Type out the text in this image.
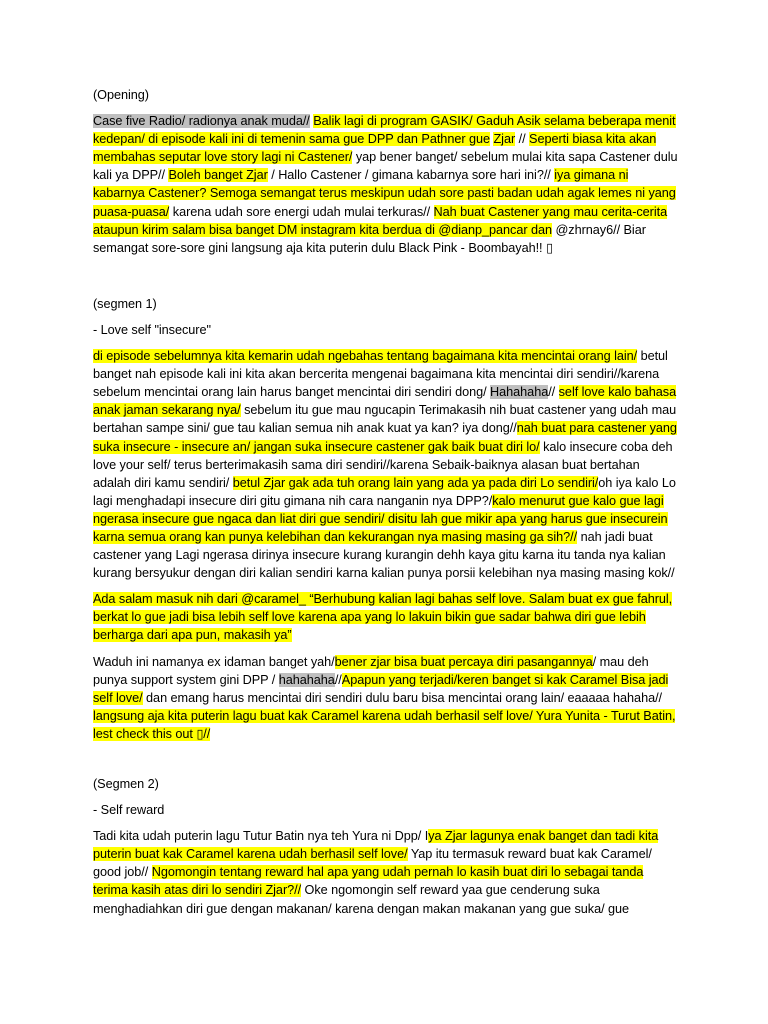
(Opening)

Case five Radio/ radionya anak muda// Balik lagi di program GASIK/ Gaduh Asik selama beberapa menit kedepan/ di episode kali ini di temenin sama gue DPP dan Pathner gue Zjar // Seperti biasa kita akan membahas seputar love story lagi ni Castener/ yap bener banget/ sebelum mulai kita sapa Castener dulu kali ya DPP// Boleh banget Zjar / Hallo Castener / gimana kabarnya sore hari ini?// iya gimana ni kabarnya Castener? Semoga semangat terus meskipun udah sore pasti badan udah agak lemes ni yang puasa-puasa/ karena udah sore energi udah mulai terkuras// Nah buat Castener yang mau cerita-cerita ataupun kirim salam bisa banget DM instagram kita berdua di @dianp_pancar dan @zhrnay6// Biar semangat sore-sore gini langsung aja kita puterin dulu Black Pink - Boombayah!! ▯

(segmen 1)

- Love self "insecure"

di episode sebelumnya kita kemarin udah ngebahas tentang bagaimana kita mencintai orang lain/ betul banget nah episode kali ini kita akan bercerita mengenai bagaimana kita mencintai diri sendiri//karena sebelum mencintai orang lain harus banget mencintai diri sendiri dong/ Hahahaha// self love kalo bahasa anak jaman sekarang nya/ sebelum itu gue mau ngucapin Terimakasih nih buat castener yang udah mau bertahan sampe sini/ gue tau kalian semua nih anak kuat ya kan? iya dong//nah buat para castener yang suka insecure - insecure an/ jangan suka insecure castener gak baik buat diri lo/ kalo insecure coba deh love your self/ terus berterimakasih sama diri sendiri//karena Sebaik-baiknya alasan buat bertahan adalah diri kamu sendiri/ betul Zjar gak ada tuh orang lain yang ada ya pada diri Lo sendiri/oh iya kalo Lo lagi menghadapi insecure diri gitu gimana nih cara nanganin nya DPP?/kalo menurut gue kalo gue lagi ngerasa insecure gue ngaca dan liat diri gue sendiri/ disitu lah gue mikir apa yang harus gue insecurein karna semua orang kan punya kelebihan dan kekurangan nya masing masing ga sih?// nah jadi buat castener yang Lagi ngerasa dirinya insecure kurang kurangin dehh kaya gitu karna itu tanda nya kalian kurang bersyukur dengan diri kalian sendiri karna kalian punya porsii kelebihan nya masing masing kok//

Ada salam masuk nih dari @caramel_ “Berhubung kalian lagi bahas self love. Salam buat ex gue fahrul, berkat lo gue jadi bisa lebih self love karena apa yang lo lakuin bikin gue sadar bahwa diri gue lebih berharga dari apa pun, makasih ya”

Waduh ini namanya ex idaman banget yah/bener zjar bisa buat percaya diri pasangannya/ mau deh punya support system gini DPP / hahahaha//Apapun yang terjadi/keren banget si kak Caramel Bisa jadi self love/ dan emang harus mencintai diri sendiri dulu baru bisa mencintai orang lain/ eaaaaa hahaha// langsung aja kita puterin lagu buat kak Caramel karena udah berhasil self love/ Yura Yunita - Turut Batin, lest check this out ▯//

(Segmen 2)

- Self reward

Tadi kita udah puterin lagu Tutur Batin nya teh Yura ni Dpp/ Iya Zjar lagunya enak banget dan tadi kita puterin buat kak Caramel karena udah berhasil self love/ Yap itu termasuk reward buat kak Caramel/ good job// Ngomongin tentang reward hal apa yang udah pernah lo kasih buat diri lo sebagai tanda terima kasih atas diri lo sendiri Zjar?// Oke ngomongin self reward yaa gue cenderung suka menghadiahkan diri gue dengan makanan/ karena dengan makan makanan yang gue suka/ gue
